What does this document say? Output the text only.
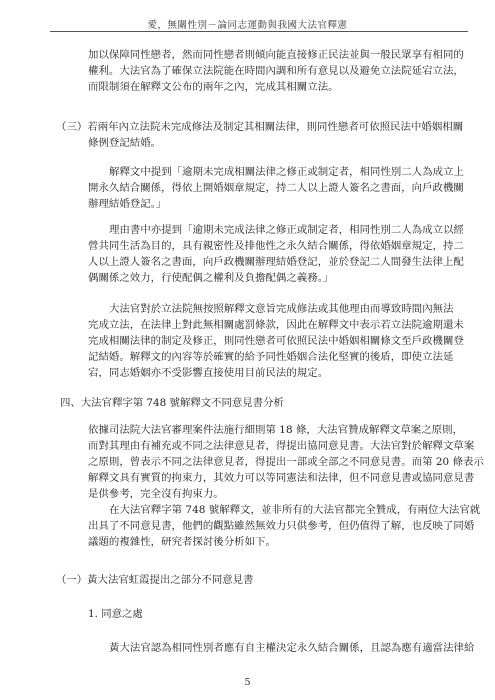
愛，無關性別－論同志運動與我國大法官釋憲
加以保障同性戀者，然而同性戀者則傾向能直接修正民法並與一般民眾享有相同的
權利。大法官為了確保立法院能在時間內調和所有意見以及避免立法院延宕立法，
而限制須在解釋文公布的兩年之內，完成其相關立法。
（三）若兩年內立法院未完成修法及制定其相關法律，則同性戀者可依照民法中婚姻相關
條例登記結婚。
解釋文中提到「逾期未完成相關法律之修正或制定者，相同性別二人為成立上
開永久結合關係，得依上開婚姻章規定，持二人以上證人簽名之書面，向戶政機關
辦理結婚登記。」
理由書中亦提到「逾期未完成法律之修正或制定者，相同性別二人為成立以經
營共同生活為目的，具有親密性及排他性之永久結合關係，得依婚姻章規定，持二
人以上證人簽名之書面，向戶政機關辦理結婚登記，並於登記二人間發生法律上配
偶關係之效力，行使配偶之權利及負擔配偶之義務。」
大法官對於立法院無按照解釋文意旨完成修法或其他理由而導致時間內無法
完成立法，在法律上對此無相關處罰條款，因此在解釋文中表示若立法院逾期還未
完成相關法律的制定及修正，則同性戀者可依照民法中婚姻相關條文至戶政機關登
記結婚。解釋文的內容等於確實的給予同性婚姻合法化堅實的後盾，即使立法延
宕，同志婚姻亦不受影響直接使用目前民法的規定。
四、大法官釋字第 748 號解釋文不同意見書分析
依據司法院大法官審理案件法施行細則第 18 條，大法官贊成解釋文草案之原則，
而對其理由有補充或不同之法律意見者，得提出協同意見書。大法官對於解釋文草案
之原則，曾表示不同之法律意見者，得提出一部或全部之不同意見書。而第 20 條表示
解釋文具有實質的拘束力，其效力可以等同憲法和法律，但不同意見書或協同意見書
是供參考，完全沒有拘束力。
在大法官釋字第 748 號解釋文，並非所有的大法官都完全贊成，有兩位大法官就
出具了不同意見書，他們的觀點雖然無效力只供參考，但仍值得了解，也反映了同婚
議題的複雜性，研究者探討後分析如下。
（一）黃大法官虹霞提出之部分不同意見書
1. 同意之處
黃大法官認為相同性別者應有自主權決定永久結合關係，且認為應有適當法律給
5
